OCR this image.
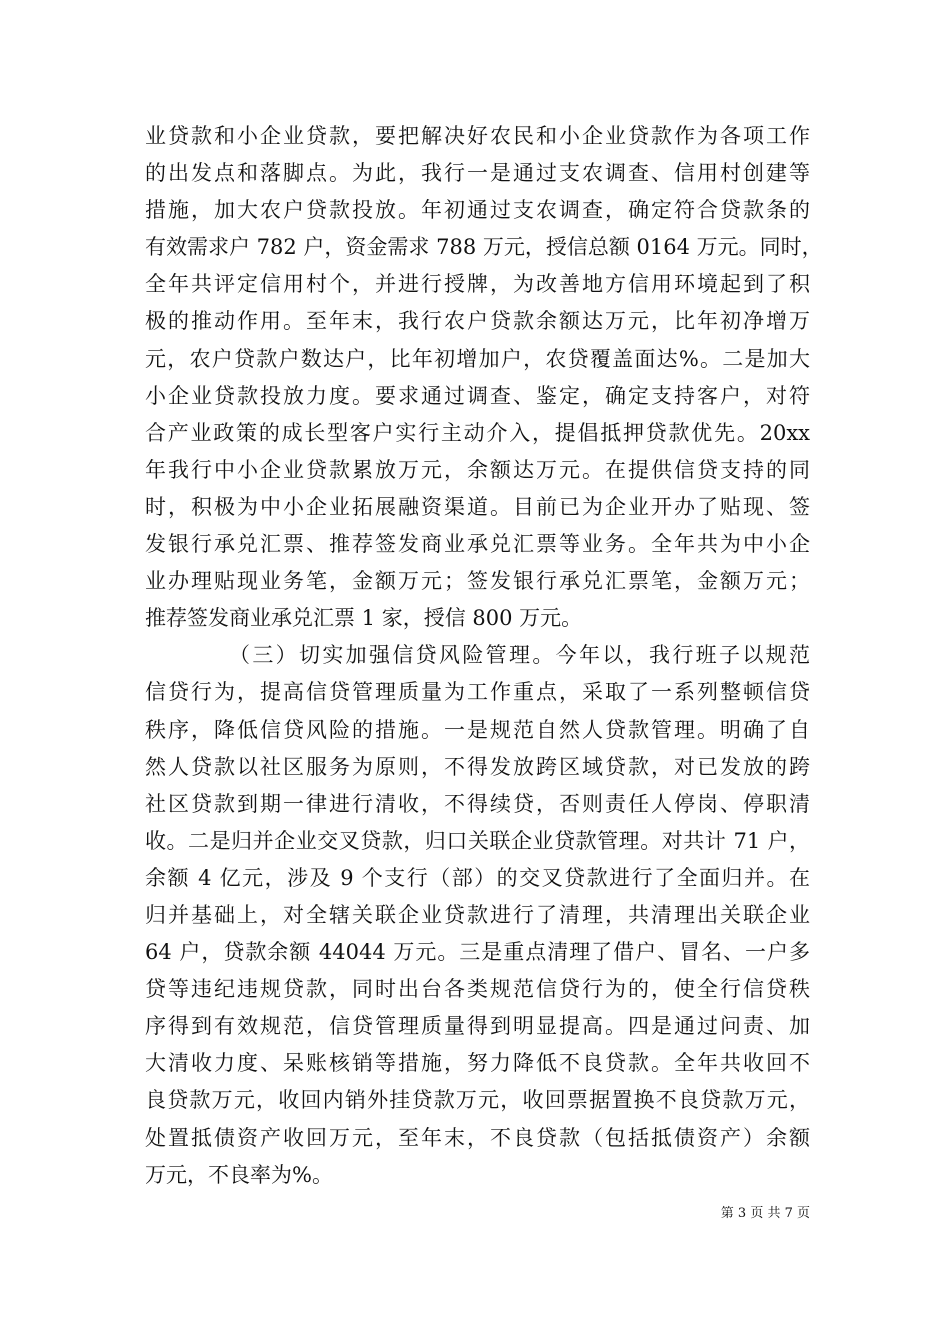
业贷款和小企业贷款，要把解决好农民和小企业贷款作为各项工作
的出发点和落脚点。为此，我行一是通过支农调查、信用村创建等
措施，加大农户贷款投放。年初通过支农调查，确定符合贷款条的
有效需求户 782 户，资金需求 788 万元，授信总额 0164 万元。同时，
全年共评定信用村个，并进行授牌，为改善地方信用环境起到了积
极的推动作用。至年末，我行农户贷款余额达万元，比年初净增万
元，农户贷款户数达户，比年初增加户，农贷覆盖面达%。二是加大
小企业贷款投放力度。要求通过调查、鉴定，确定支持客户，对符
合产业政策的成长型客户实行主动介入，提倡抵押贷款优先。20xx
年我行中小企业贷款累放万元，余额达万元。在提供信贷支持的同
时，积极为中小企业拓展融资渠道。目前已为企业开办了贴现、签
发银行承兑汇票、推荐签发商业承兑汇票等业务。全年共为中小企
业办理贴现业务笔，金额万元；签发银行承兑汇票笔，金额万元；
推荐签发商业承兑汇票 1 家，授信 800 万元。
（三）切实加强信贷风险管理。今年以，我行班子以规范
信贷行为，提高信贷管理质量为工作重点，采取了一系列整顿信贷
秩序，降低信贷风险的措施。一是规范自然人贷款管理。明确了自
然人贷款以社区服务为原则，不得发放跨区域贷款，对已发放的跨
社区贷款到期一律进行清收，不得续贷，否则责任人停岗、停职清
收。二是归并企业交叉贷款，归口关联企业贷款管理。对共计 71 户，
余额 4 亿元，涉及 9 个支行（部）的交叉贷款进行了全面归并。在
归并基础上，对全辖关联企业贷款进行了清理，共清理出关联企业
64 户，贷款余额 44044 万元。三是重点清理了借户、冒名、一户多
贷等违纪违规贷款，同时出台各类规范信贷行为的，使全行信贷秩
序得到有效规范，信贷管理质量得到明显提高。四是通过问责、加
大清收力度、呆账核销等措施，努力降低不良贷款。全年共收回不
良贷款万元，收回内销外挂贷款万元，收回票据置换不良贷款万元，
处置抵债资产收回万元，至年末，不良贷款（包括抵债资产）余额
万元，不良率为%。
第 3 页 共 7 页
